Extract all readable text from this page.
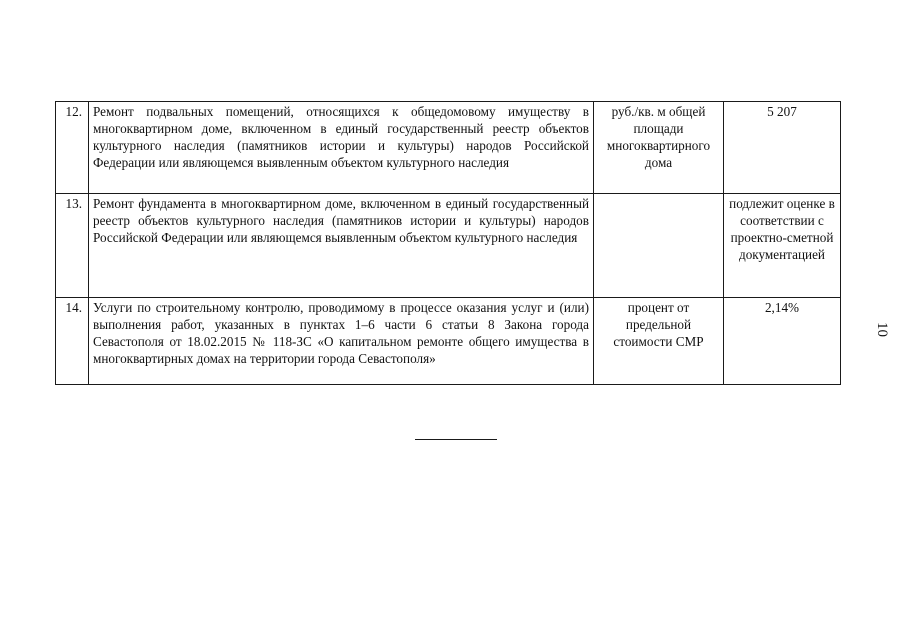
12.	Ремонт подвальных помещений, относящихся к общедомовому имуществу в многоквартирном доме, включенном в единый государственный реестр объектов культурного наследия (памятников истории и культуры) народов Российской Федерации или являющемся выявленным объектом культурного наследия	руб./кв. м общей площади многоквартирного дома	5 207
13.	Ремонт фундамента в многоквартирном доме, включенном в единый государственный реестр объектов культурного наследия (памятников истории и культуры) народов Российской Федерации или являющемся выявленным объектом культурного наследия		подлежит оценке в соответствии с проектно-сметной документацией
14.	Услуги по строительному контролю, проводимому в процессе оказания услуг и (или) выполнения работ, указанных в пунктах 1–6 части 6 статьи 8 Закона города Севастополя от 18.02.2015 № 118-ЗС «О капитальном ремонте общего имущества в многоквартирных домах на территории города Севастополя»	процент от предельной стоимости СМР	2,14%
10
